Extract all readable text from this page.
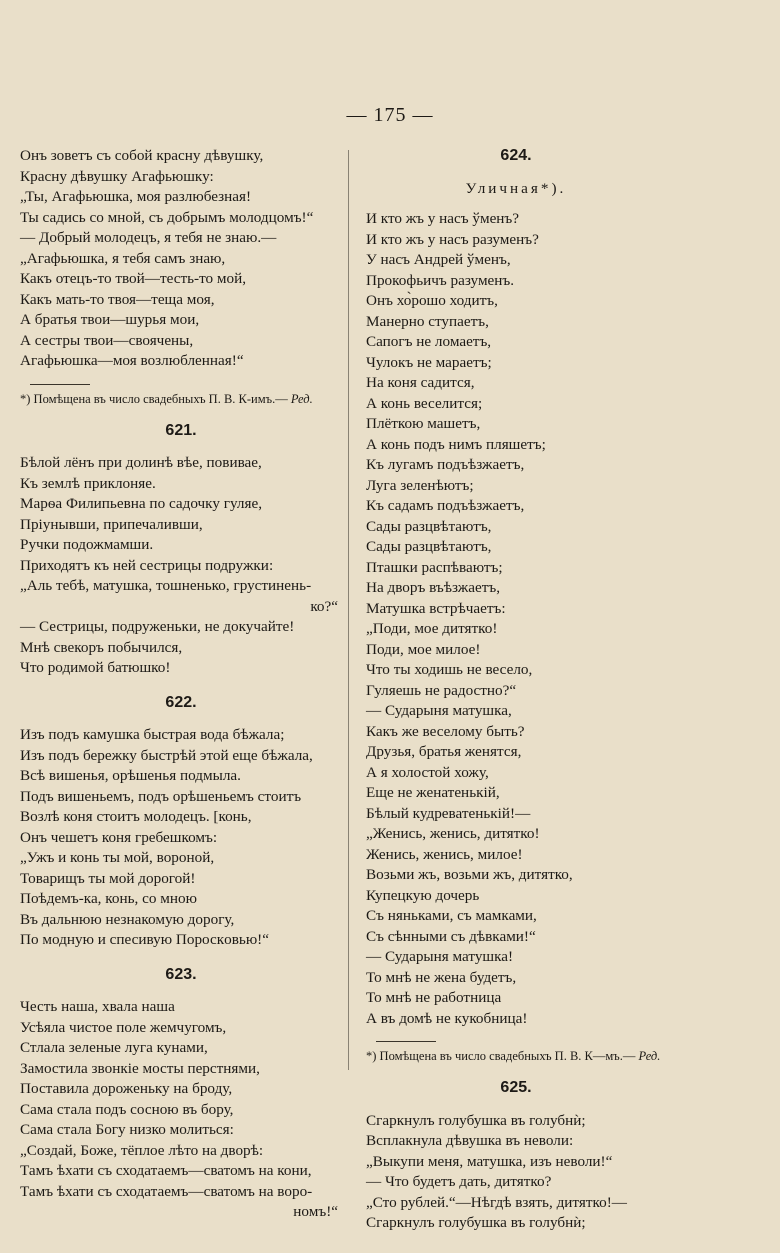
— 175 —
Онъ зоветъ съ собой красну дѣвушку,
Красну дѣвушку Агафьюшку:
„Ты, Агафьюшка, моя разлюбезная!
Ты садись со мной, съ добрымъ молодцомъ!“
— Добрый молодецъ, я тебя не знаю.—
„Агафьюшка, я тебя самъ знаю,
Какъ отецъ-то твой—тесть-то мой,
Какъ мать-то твоя—теща моя,
А братья твои—шурья мои,
А сестры твои—своячены,
Агафьюшка—моя возлюбленная!“
*) Помѣщена въ число свадебныхъ П. В. К-имъ.— Ред.
621.
Бѣлой лёнъ при долинѣ вѣе, повивае,
Къ землѣ приклоняе.
Марѳа Филипьевна по садочку гуляе,
Пріунывши, припечаливши,
Ручки подожмамши.
Приходятъ къ ней сестрицы подружки:
„Аль тебѣ, матушка, тошненько, грустинень-
ко?“
— Сестрицы, подруженьки, не докучайте!
Мнѣ свекоръ побычился,
Что родимой батюшко!
622.
Изъ подъ камушка быстрая вода бѣжала;
Изъ подъ бережку быстрѣй этой еще бѣжала,
Всѣ вишенья, орѣшенья подмыла.
Подъ вишеньемъ, подъ орѣшеньемъ стоитъ
Возлѣ коня стоитъ молодецъ. [конь,
Онъ чешетъ коня гребешкомъ:
„Ужъ и конь ты мой, вороной,
Товарищъ ты мой дорогой!
Поѣдемъ-ка, конь, со мною
Въ дальнюю незнакомую дорогу,
По модную и спесивую Пороскoвью!“
623.
Честь наша, хвала наша
Усѣяла чистое поле жемчугомъ,
Стлала зеленые луга кунами,
Замостила звонкіе мосты перстнями,
Поставила дороженьку на броду,
Сама стала подъ сосною въ бору,
Сама стала Богу низко молиться:
„Создай, Боже, тёплое лѣто на дворѣ:
Тамъ ѣхати съ сходатаемъ—сватомъ на кони,
Тамъ ѣхати съ сходатаемъ—сватомъ на воро-
номъ!“
624.
Уличная*).
И кто жъ у насъ ўменъ?
И кто жъ у насъ разуменъ?
У насъ Андрей ўменъ,
Прокофьичъ разуменъ.
Онъ хо̀рошо ходитъ,
Манерно ступаетъ,
Сапогъ не ломаетъ,
Чулокъ не мараетъ;
На коня садится,
А конь веселится;
Плёткою машетъ,
А конь подъ нимъ пляшетъ;
Къ лугамъ подъѣзжаетъ,
Луга зеленѣютъ;
Къ садамъ подъѣзжаетъ,
Сады разцвѣтаютъ,
Сады разцвѣтаютъ,
Пташки распѣваютъ;
На дворъ въѣзжаетъ,
Матушка встрѣчаетъ:
„Поди, мое дитятко!
Поди, мое милое!
Что ты ходишь не весело,
Гуляешь не радостно?“
— Сударыня матушка,
Какъ же веселому быть?
Друзья, братья женятся,
А я холостой хожу,
Еще не женатенькій,
Бѣлый кудреватенькій!—
„Женись, женись, дитятко!
Женись, женись, милое!
Возьми жъ, возьми жъ, дитятко,
Купецкую дочерь
Съ няньками, съ мамками,
Съ сѣнными съ дѣвками!“
— Сударыня матушка!
То мнѣ не жена будетъ,
То мнѣ не работница
А въ домѣ не кукобница!
*) Помѣщена въ число свадебныхъ П. В. К—мъ.— Ред.
625.
Сгаркнулъ голубушка въ голубнѝ;
Всплакнула дѣвушка въ неволи:
„Выкупи меня, матушка, изъ неволи!“
— Что будетъ дать, дитятко?
„Сто рублей.“—Нѣгдѣ взять, дитятко!—
Сгаркнулъ голубушка въ голубнѝ;
